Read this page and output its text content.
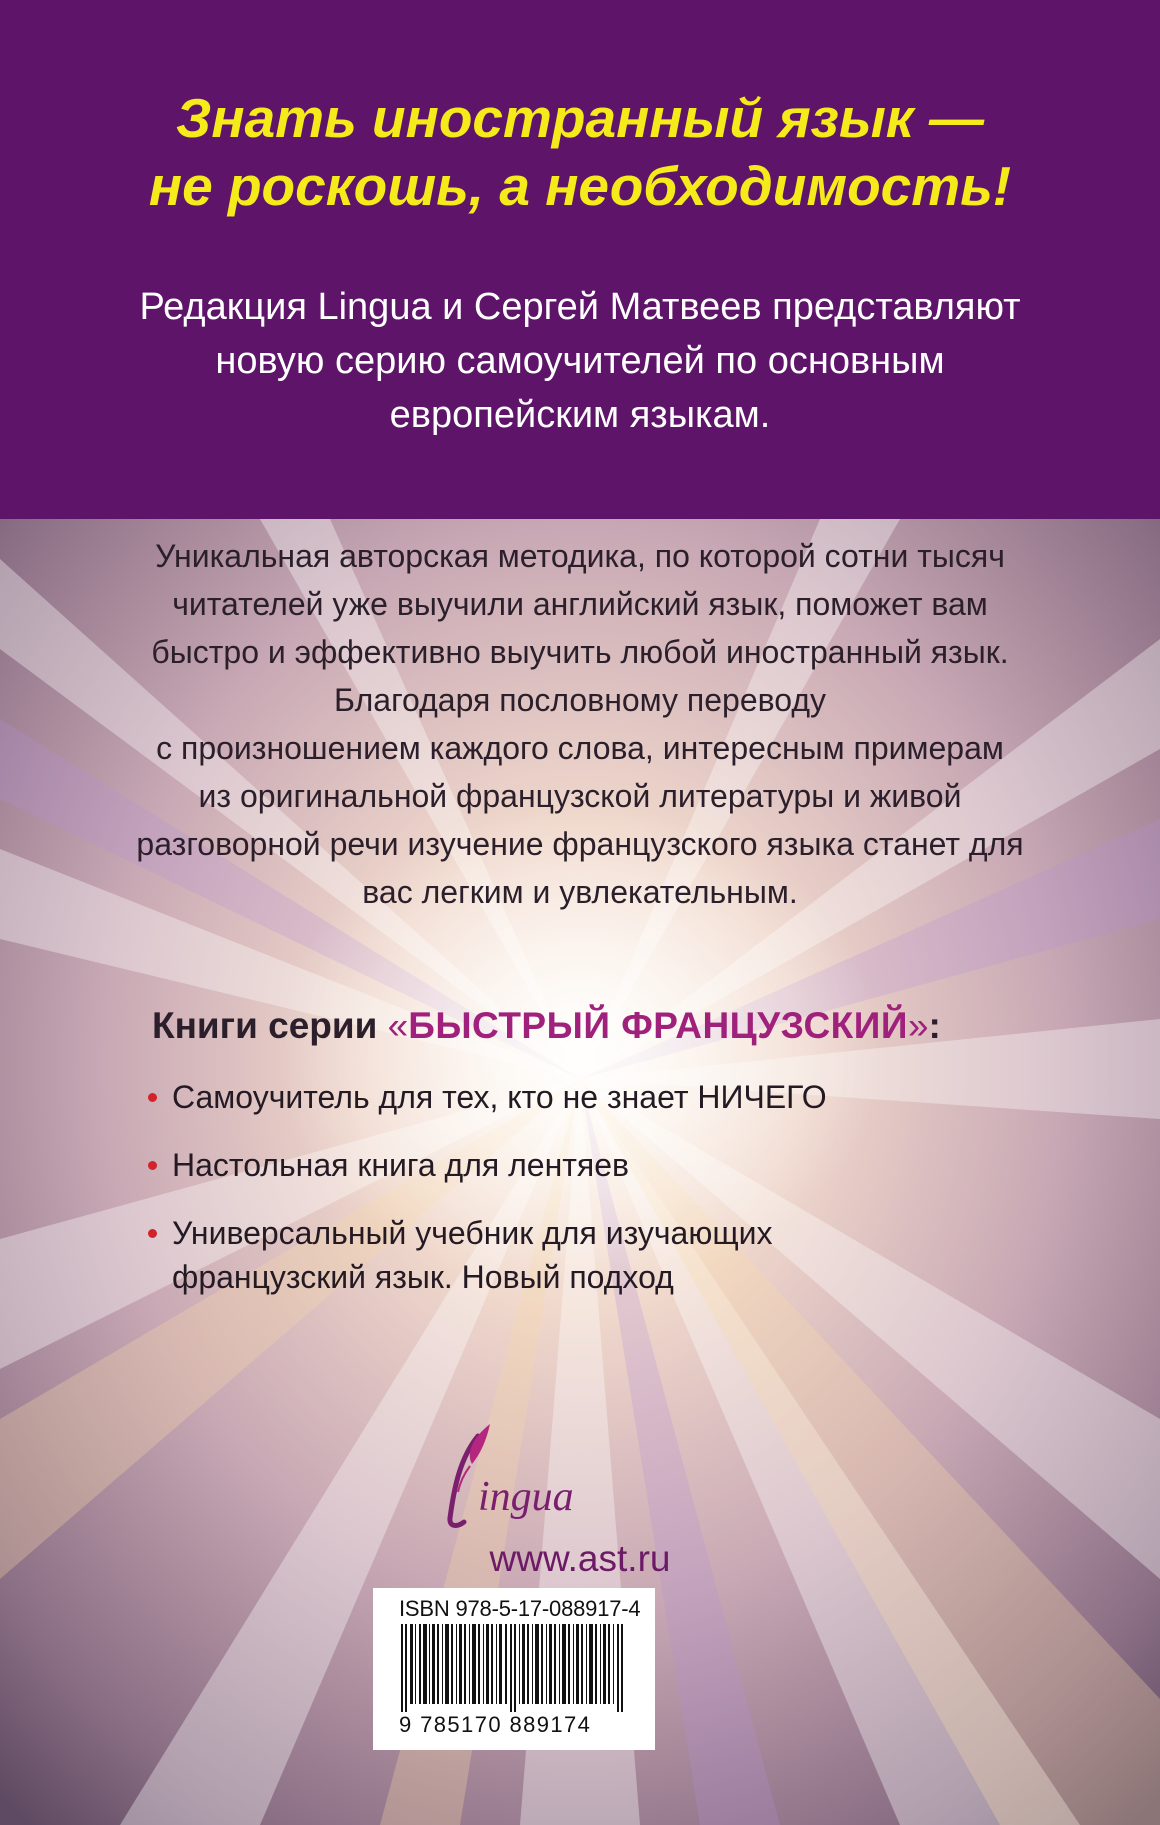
Знать иностранный язык —
не роскошь, а необходимость!
Редакция Lingua и Сергей Матвеев представляют
новую серию самоучителей по основным
европейским языкам.
Уникальная авторская методика, по которой сотни тысяч
читателей уже выучили английский язык, поможет вам
быстро и эффективно выучить любой иностранный язык.
Благодаря пословному переводу
с произношением каждого слова, интересным примерам
из оригинальной французской литературы и живой
разговорной речи изучение французского языка станет для
вас легким и увлекательным.
Книги серии «БЫСТРЫЙ ФРАНЦУЗСКИЙ»:
Самоучитель для тех, кто не знает НИЧЕГО
Настольная книга для лентяев
Универсальный учебник для изучающих французский язык. Новый подход
ingua
www.ast.ru
ISBN 978-5-17-088917-4
9 785170 889174
